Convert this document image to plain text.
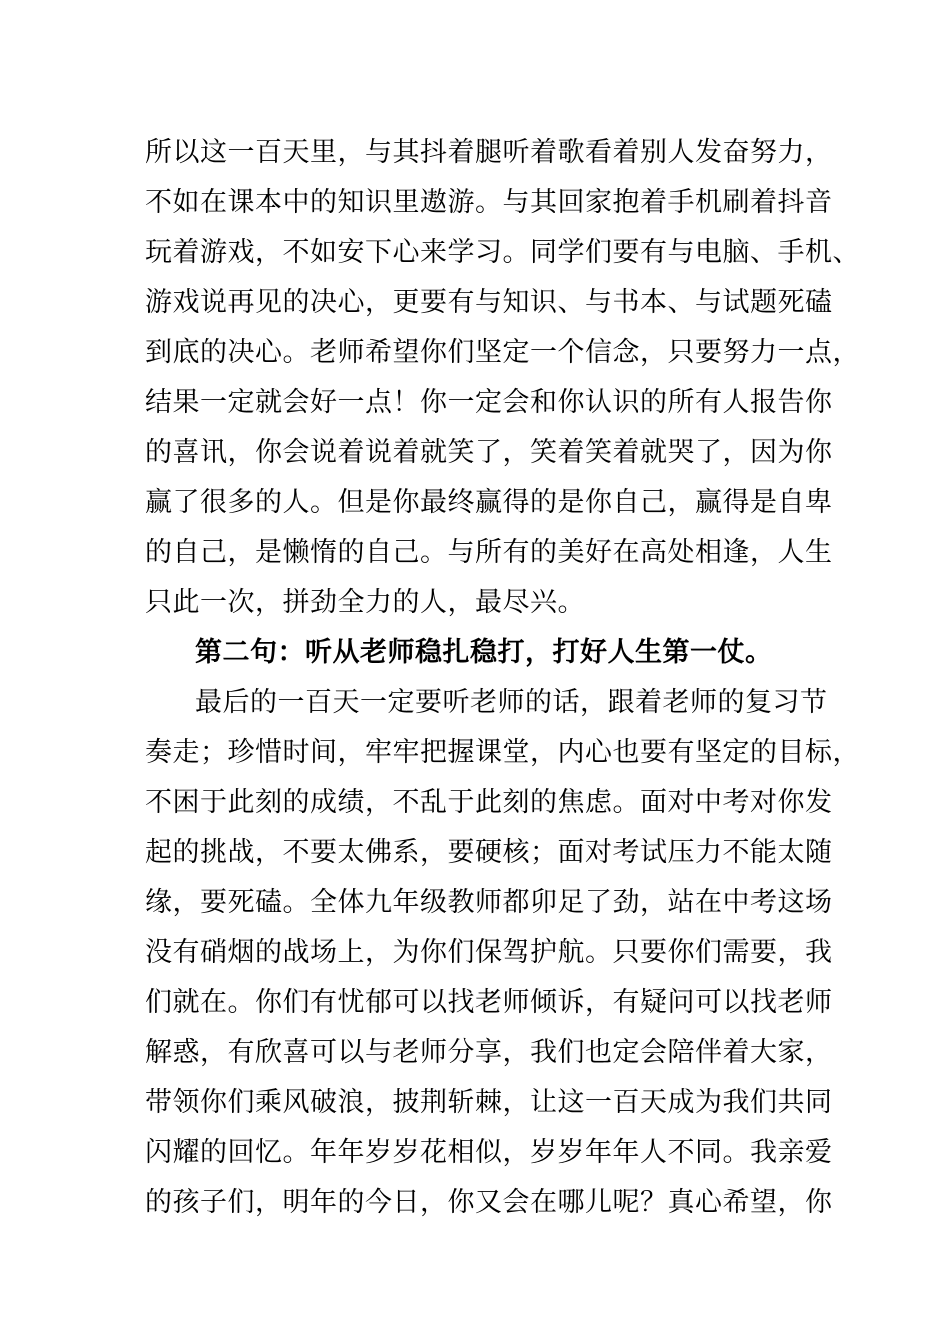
所以这一百天里，与其抖着腿听着歌看着别人发奋努力，
不如在课本中的知识里遨游。与其回家抱着手机刷着抖音
玩着游戏，不如安下心来学习。同学们要有与电脑、手机、
游戏说再见的决心，更要有与知识、与书本、与试题死磕
到底的决心。老师希望你们坚定一个信念，只要努力一点，
结果一定就会好一点！你一定会和你认识的所有人报告你
的喜讯，你会说着说着就笑了，笑着笑着就哭了，因为你
赢了很多的人。但是你最终赢得的是你自己，赢得是自卑
的自己，是懒惰的自己。与所有的美好在高处相逢，人生
只此一次，拼劲全力的人，最尽兴。
第二句：听从老师稳扎稳打，打好人生第一仗。
最后的一百天一定要听老师的话，跟着老师的复习节
奏走；珍惜时间，牢牢把握课堂，内心也要有坚定的目标，
不困于此刻的成绩，不乱于此刻的焦虑。面对中考对你发
起的挑战，不要太佛系，要硬核；面对考试压力不能太随
缘，要死磕。全体九年级教师都卯足了劲，站在中考这场
没有硝烟的战场上，为你们保驾护航。只要你们需要，我
们就在。你们有忧郁可以找老师倾诉，有疑问可以找老师
解惑，有欣喜可以与老师分享，我们也定会陪伴着大家，
带领你们乘风破浪，披荆斩棘，让这一百天成为我们共同
闪耀的回忆。年年岁岁花相似，岁岁年年人不同。我亲爱
的孩子们，明年的今日，你又会在哪儿呢？真心希望，你
